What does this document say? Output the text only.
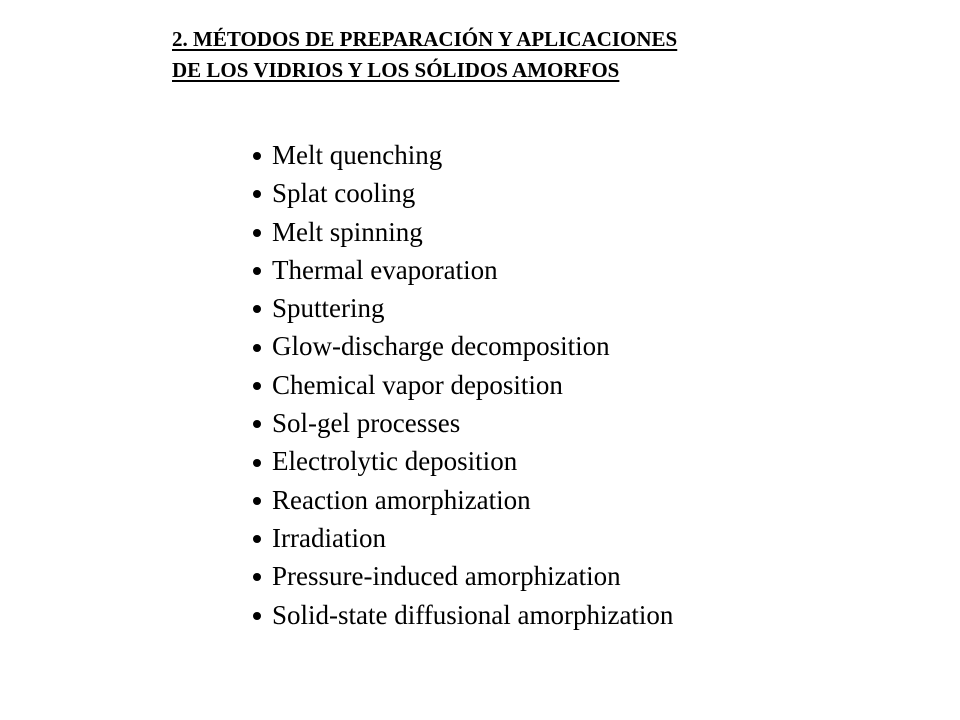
2. MÉTODOS DE PREPARACIÓN Y APLICACIONES
DE LOS VIDRIOS Y LOS SÓLIDOS AMORFOS
Melt quenching
Splat cooling
Melt spinning
Thermal evaporation
Sputtering
Glow-discharge decomposition
Chemical vapor deposition
Sol-gel processes
Electrolytic deposition
Reaction amorphization
Irradiation
Pressure-induced amorphization
Solid-state diffusional amorphization
